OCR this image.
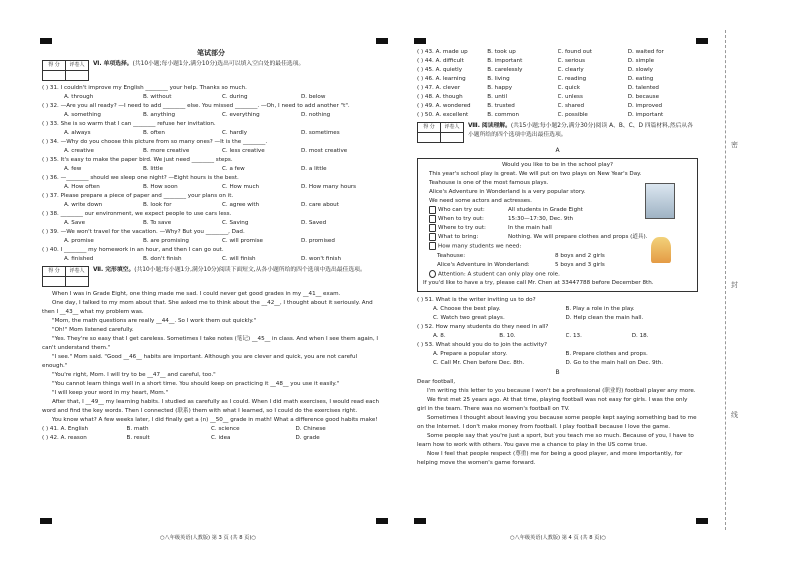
笔试部分
得 分	评卷人
	Ⅵ. 单项选择。(共10小题;每小题1分,满分10分)选出可以填入空白处的最佳选项。
( ) 31. I couldn't improve my English ________ your help. Thanks so much.
A. through	B. without	C. during	D. below
( ) 32. —Are you all ready? —I need to add ________ else. You missed ________. —Oh, I need to add another "t".
A. something	B. anything	C. everything	D. nothing
( ) 33. She is so warm that I can ________ refuse her invitation.
A. always	B. often	C. hardly	D. sometimes
( ) 34. —Why do you choose this picture from so many ones? —It is the ________.
A. creative	B. more creative	C. less creative	D. most creative
( ) 35. It's easy to make the paper bird. We just need ________ steps.
A. few	B. little	C. a few	D. a little
( ) 36. —________ should we sleep one night? —Eight hours is the best.
A. How often	B. How soon	C. How much	D. How many hours
( ) 37. Please prepare a piece of paper and ________ your plans on it.
A. write down	B. look for	C. agree with	D. care about
( ) 38. ________ our environment, we expect people to use cars less.
A. Save	B. To save	C. Saving	D. Saved
( ) 39. —We won't travel for the vacation. —Why? But you ________, Dad.
A. promise	B. are promising	C. will promise	D. promised
( ) 40. I ________ my homework in an hour, and then I can go out.
A. finished	B. don't finish	C. will finish	D. won't finish
得 分	评卷人
	Ⅶ. 完形填空。(共10小题;每小题1分,满分10分)阅读下面短文,从各小题所给的四个选项中选出最佳选项。
When I was in Grade Eight, one thing made me sad. I could never get good grades in my __41__ exam.
One day, I talked to my mom about that. She asked me to think about the __42__, I thought about it seriously. And then I __43__ what my problem was.
"Mom, the math questions are really __44__. So I work them out quickly."
"Oh!" Mom listened carefully.
"Yes. They're so easy that I get careless. Sometimes I take notes (笔记) __45__ in class. And when I see them again, I can't understand them."
"I see." Mom said. "Good __46__ habits are important. Although you are clever and quick, you are not careful enough."
"You're right, Mom. I will try to be __47__ and careful, too."
"You cannot learn things well in a short time. You should keep on practicing it __48__ you use it easily."
"I will keep your word in my heart, Mom."
After that, I __49__ my learning habits. I studied as carefully as I could. When I did math exercises, I would read each word and find the key words. Then I connected (联系) them with what I learned, so I could do the exercises right.
You know what? A few weeks later, I did finally get a (n) __50__ grade in math! What a difference good habits make!
( ) 41. A. English	B. math	C. science	D. Chinese
( ) 42. A. reason	B. result	C. idea	D. grade
○八年级英语(人教版) 第 3 页 (共 8 页)○
( ) 43. A. made up	B. took up	C. found out	D. waited for
( ) 44. A. difficult	B. important	C. serious	D. simple
( ) 45. A. quietly	B. carelessly	C. clearly	D. slowly
( ) 46. A. learning	B. living	C. reading	D. eating
( ) 47. A. clever	B. happy	C. quick	D. talented
( ) 48. A. though	B. until	C. unless	D. because
( ) 49. A. wondered	B. trusted	C. shared	D. improved
( ) 50. A. excellent	B. common	C. possible	D. important
得 分	评卷人
	Ⅷ. 阅读理解。(共15小题;每小题2分,满分30分)阅读 A、B、C、D 四篇材料,然后从各小题所给的四个选项中选出最佳选项。
A
Would you like to be in the school play?
This year's school play is great. We will put on two plays on New Year's Day.
Teahouse is one of the most famous plays.
Alice's Adventure in Wonderland is a very popular story.
We need some actors and actresses.
Who can try out:	All students in Grade Eight
When to try out:	15:30—17:30, Dec. 9th
Where to try out:	In the main hall
What to bring:	Nothing. We will prepare clothes and props (道具).
How many students we need:
Teahouse:	8 boys and 2 girls
Alice's Adventure in Wonderland:	5 boys and 3 girls
Attention: A student can only play one role.
If you'd like to have a try, please call Mr. Chen at 33447788 before December 8th.
( ) 51. What is the writer inviting us to do?
A. Choose the best play.	B. Play a role in the play.
C. Watch two great plays.	D. Help clean the main hall.
( ) 52. How many students do they need in all?
A. 8.	B. 10.	C. 13.	D. 18.
( ) 53. What should you do to join the activity?
A. Prepare a popular story.	B. Prepare clothes and props.
C. Call Mr. Chen before Dec. 8th.	D. Go to the main hall on Dec. 9th.
B
Dear football,
I'm writing this letter to you because I won't be a professional (职业的) football player any more.
We first met 25 years ago. At that time, playing football was not easy for girls. I was the only girl in the team. There was no women's football on TV.
Sometimes I thought about leaving you because some people kept saying something bad to me on the Internet. I don't make money from football. I play football because I love the game.
Some people say that you're just a sport, but you teach me so much. Because of you, I have to learn how to work with others. You gave me a chance to play in the US come true.
Now I feel that people respect (尊重) me for being a good player, and more importantly, for helping move the women's game forward.
○八年级英语(人教版) 第 4 页 (共 8 页)○
密
封
线
